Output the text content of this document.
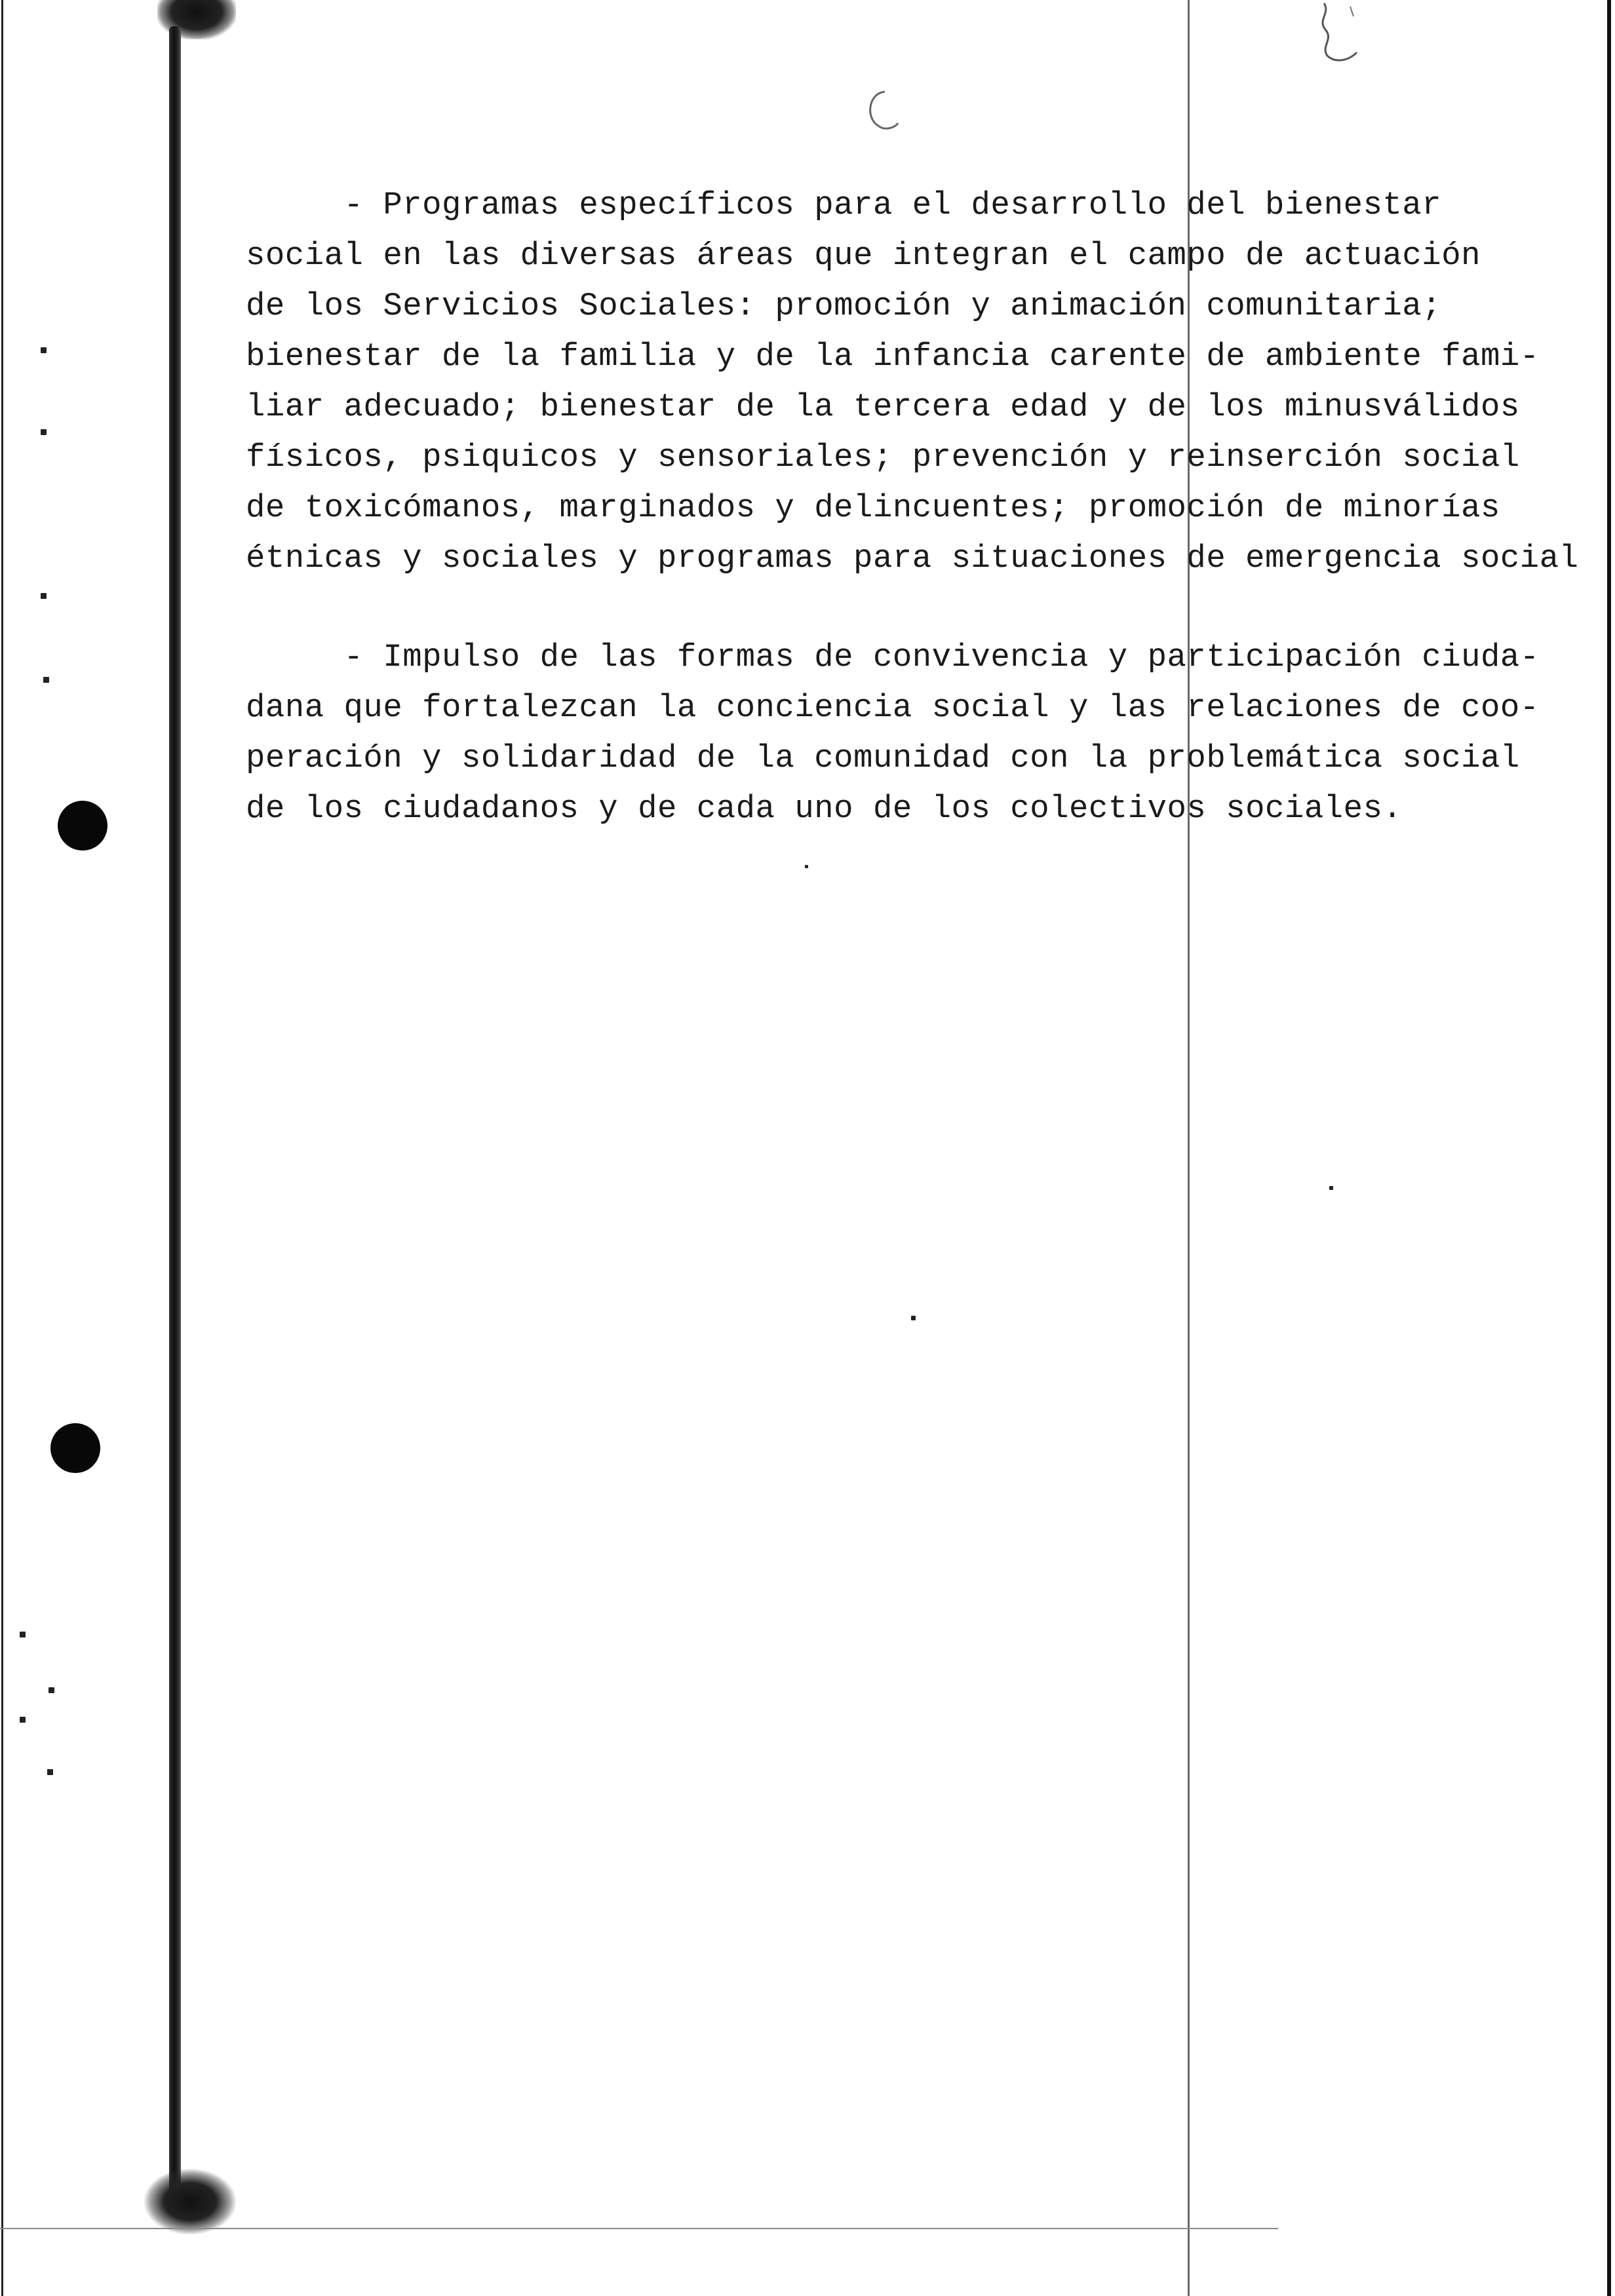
- Programas específicos para el desarrollo del bienestar
social en las diversas áreas que integran el campo de actuación
de los Servicios Sociales: promoción y animación comunitaria;
bienestar de la familia y de la infancia carente de ambiente fami-
liar adecuado; bienestar de la tercera edad y de los minusválidos
físicos, psiquicos y sensoriales; prevención y reinserción social
de toxicómanos, marginados y delincuentes; promoción de minorías
étnicas y sociales y programas para situaciones de emergencia social
- Impulso de las formas de convivencia y participación ciuda-
dana que fortalezcan la conciencia social y las relaciones de coo-
peración y solidaridad de la comunidad con la problemática social
de los ciudadanos y de cada uno de los colectivos sociales.
